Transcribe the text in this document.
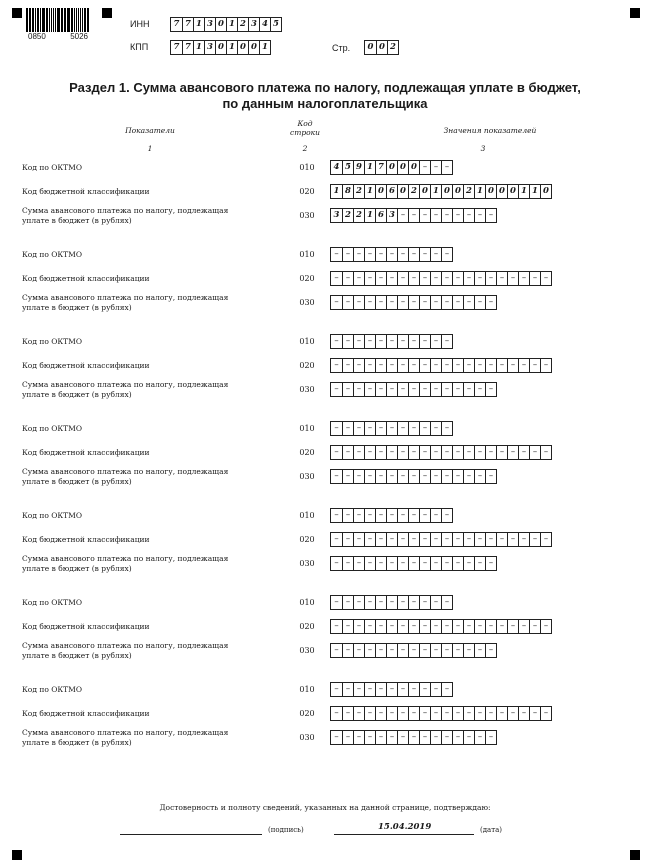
0850	5026
ИНН	7 7 1 3 0 1 2 3 4 5
КПП	7 7 1 3 0 1 0 0 1	Стр. 0 0 2
Раздел 1. Сумма авансового платежа по налогу, подлежащая уплате в бюджет,
по данным налогоплательщика
Показатели
Код
строки	Значения показателей
1	2	3
Код по ОКТМО	010	4 5 9 1 7 0 0 0 – – –
Код бюджетной классификации	020	1 8 2 1 0 6 0 2 0 1 0 0 2 1 0 0 0 1 1 0
Сумма авансового платежа по налогу, подлежащая
уплате в бюджет (в рублях)
030	3 2 2 1 6 3 – – – – – – – – –
Код по ОКТМО	010	– – – – – – – – – – –
Код бюджетной классификации	020	– – – – – – – – – – – – – – – – – – – –
Сумма авансового платежа по налогу, подлежащая
уплате в бюджет (в рублях)
030	– – – – – – – – – – – – – – –
Код по ОКТМО	010	– – – – – – – – – – –
Код бюджетной классификации	020	– – – – – – – – – – – – – – – – – – – –
Сумма авансового платежа по налогу, подлежащая
уплате в бюджет (в рублях)
030	– – – – – – – – – – – – – – –
Код по ОКТМО	010	– – – – – – – – – – –
Код бюджетной классификации	020	– – – – – – – – – – – – – – – – – – – –
Сумма авансового платежа по налогу, подлежащая
уплате в бюджет (в рублях)
030	– – – – – – – – – – – – – – –
Код по ОКТМО	010	– – – – – – – – – – –
Код бюджетной классификации	020	– – – – – – – – – – – – – – – – – – – –
Сумма авансового платежа по налогу, подлежащая
уплате в бюджет (в рублях)
030	– – – – – – – – – – – – – – –
Код по ОКТМО	010	– – – – – – – – – – –
Код бюджетной классификации	020	– – – – – – – – – – – – – – – – – – – –
Сумма авансового платежа по налогу, подлежащая
уплате в бюджет (в рублях)
030	– – – – – – – – – – – – – – –
Код по ОКТМО	010	– – – – – – – – – – –
Код бюджетной классификации	020	– – – – – – – – – – – – – – – – – – – –
Сумма авансового платежа по налогу, подлежащая
уплате в бюджет (в рублях)
030	– – – – – – – – – – – – – – –
Достоверность и полноту сведений, указанных на данной странице, подтверждаю:
(подпись)	15.04.2019	(дата)
